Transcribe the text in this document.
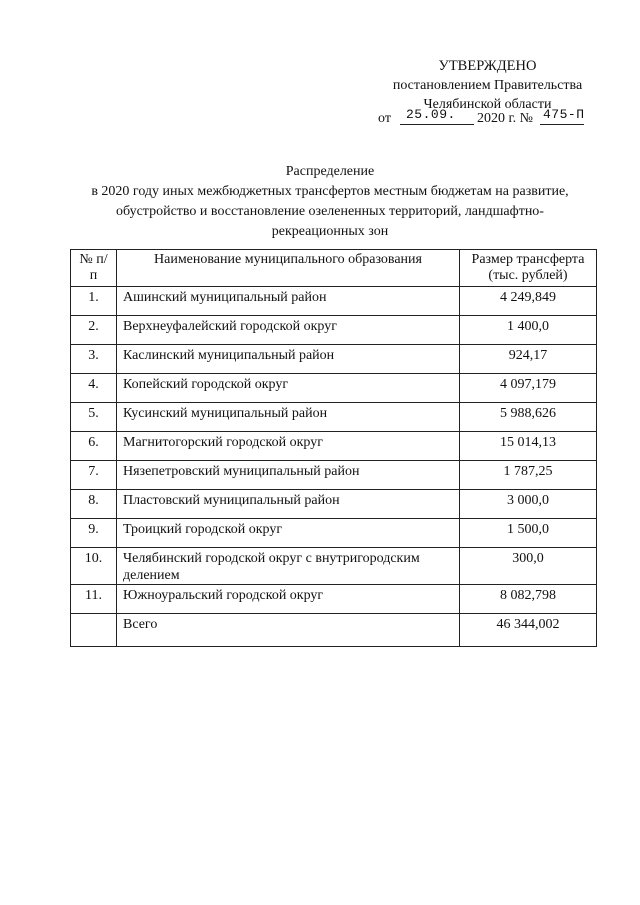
УТВЕРЖДЕНО
постановлением Правительства
Челябинской области
от 25.09. 2020 г. № 475-П
Распределение
в 2020 году иных межбюджетных трансфертов местным бюджетам на развитие,
обустройство и восстановление озелененных территорий, ландшафтно-
рекреационных зон
№ п/п	Наименование муниципального образования	Размер трансферта (тыс. рублей)
1.	Ашинский муниципальный район	4 249,849
2.	Верхнеуфалейский городской округ	1 400,0
3.	Каслинский муниципальный район	924,17
4.	Копейский городской округ	4 097,179
5.	Кусинский муниципальный район	5 988,626
6.	Магнитогорский городской округ	15 014,13
7.	Нязепетровский муниципальный район	1 787,25
8.	Пластовский муниципальный район	3 000,0
9.	Троицкий городской округ	1 500,0
10.	Челябинский городской округ с внутригородским делением	300,0
11.	Южноуральский городской округ	8 082,798
	Всего	46 344,002
